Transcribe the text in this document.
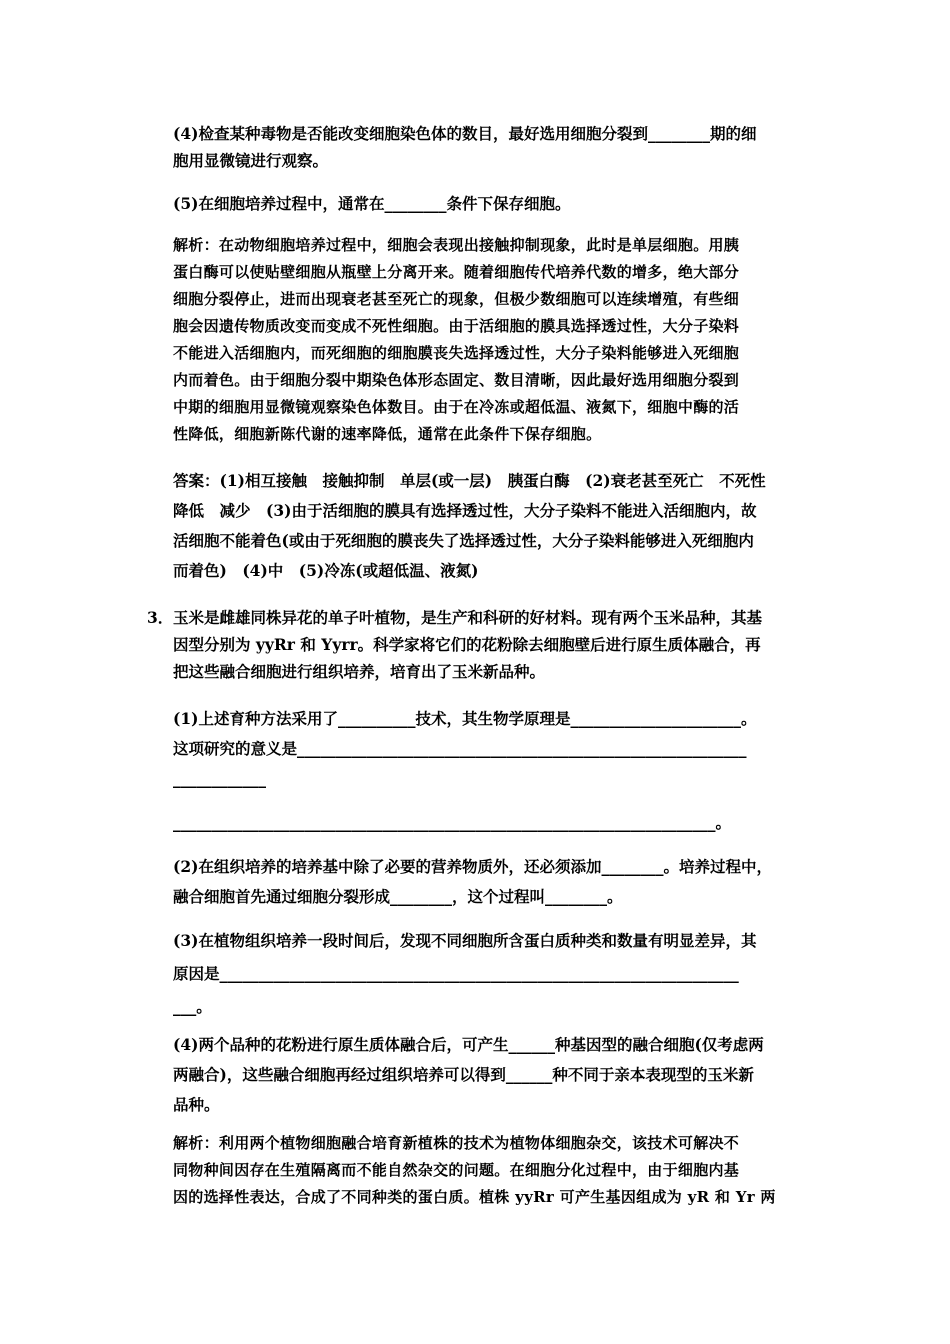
(4)检查某种毒物是否能改变细胞染色体的数目，最好选用细胞分裂到________期的细
胞用显微镜进行观察。
(5)在细胞培养过程中，通常在________条件下保存细胞。
解析：在动物细胞培养过程中，细胞会表现出接触抑制现象，此时是单层细胞。用胰
蛋白酶可以使贴壁细胞从瓶壁上分离开来。随着细胞传代培养代数的增多，绝大部分
细胞分裂停止，进而出现衰老甚至死亡的现象，但极少数细胞可以连续增殖，有些细
胞会因遗传物质改变而变成不死性细胞。由于活细胞的膜具选择透过性，大分子染料
不能进入活细胞内，而死细胞的细胞膜丧失选择透过性，大分子染料能够进入死细胞
内而着色。由于细胞分裂中期染色体形态固定、数目清晰，因此最好选用细胞分裂到
中期的细胞用显微镜观察染色体数目。由于在冷冻或超低温、液氮下，细胞中酶的活
性降低，细胞新陈代谢的速率降低，通常在此条件下保存细胞。
答案：(1)相互接触　接触抑制　单层(或一层)　胰蛋白酶　(2)衰老甚至死亡　不死性
降低　减少　(3)由于活细胞的膜具有选择透过性，大分子染料不能进入活细胞内，故
活细胞不能着色(或由于死细胞的膜丧失了选择透过性，大分子染料能够进入死细胞内
而着色)　(4)中　(5)冷冻(或超低温、液氮)
3． 玉米是雌雄同株异花的单子叶植物，是生产和科研的好材料。现有两个玉米品种，其基
因型分别为 yyRr 和 Yyrr。科学家将它们的花粉除去细胞壁后进行原生质体融合，再
把这些融合细胞进行组织培养，培育出了玉米新品种。
(1)上述育种方法采用了__________技术，其生物学原理是______________________。
这项研究的意义是__________________________________________________________
____________
______________________________________________________________________。
(2)在组织培养的培养基中除了必要的营养物质外，还必须添加________。培养过程中，
融合细胞首先通过细胞分裂形成________，这个过程叫________。
(3)在植物组织培养一段时间后，发现不同细胞所含蛋白质种类和数量有明显差异，其
原因是___________________________________________________________________
___。
(4)两个品种的花粉进行原生质体融合后，可产生______种基因型的融合细胞(仅考虑两
两融合)，这些融合细胞再经过组织培养可以得到______种不同于亲本表现型的玉米新
品种。
解析：利用两个植物细胞融合培育新植株的技术为植物体细胞杂交，该技术可解决不
同物种间因存在生殖隔离而不能自然杂交的问题。在细胞分化过程中，由于细胞内基
因的选择性表达，合成了不同种类的蛋白质。植株 yyRr 可产生基因组成为 yR 和 Yr 两
